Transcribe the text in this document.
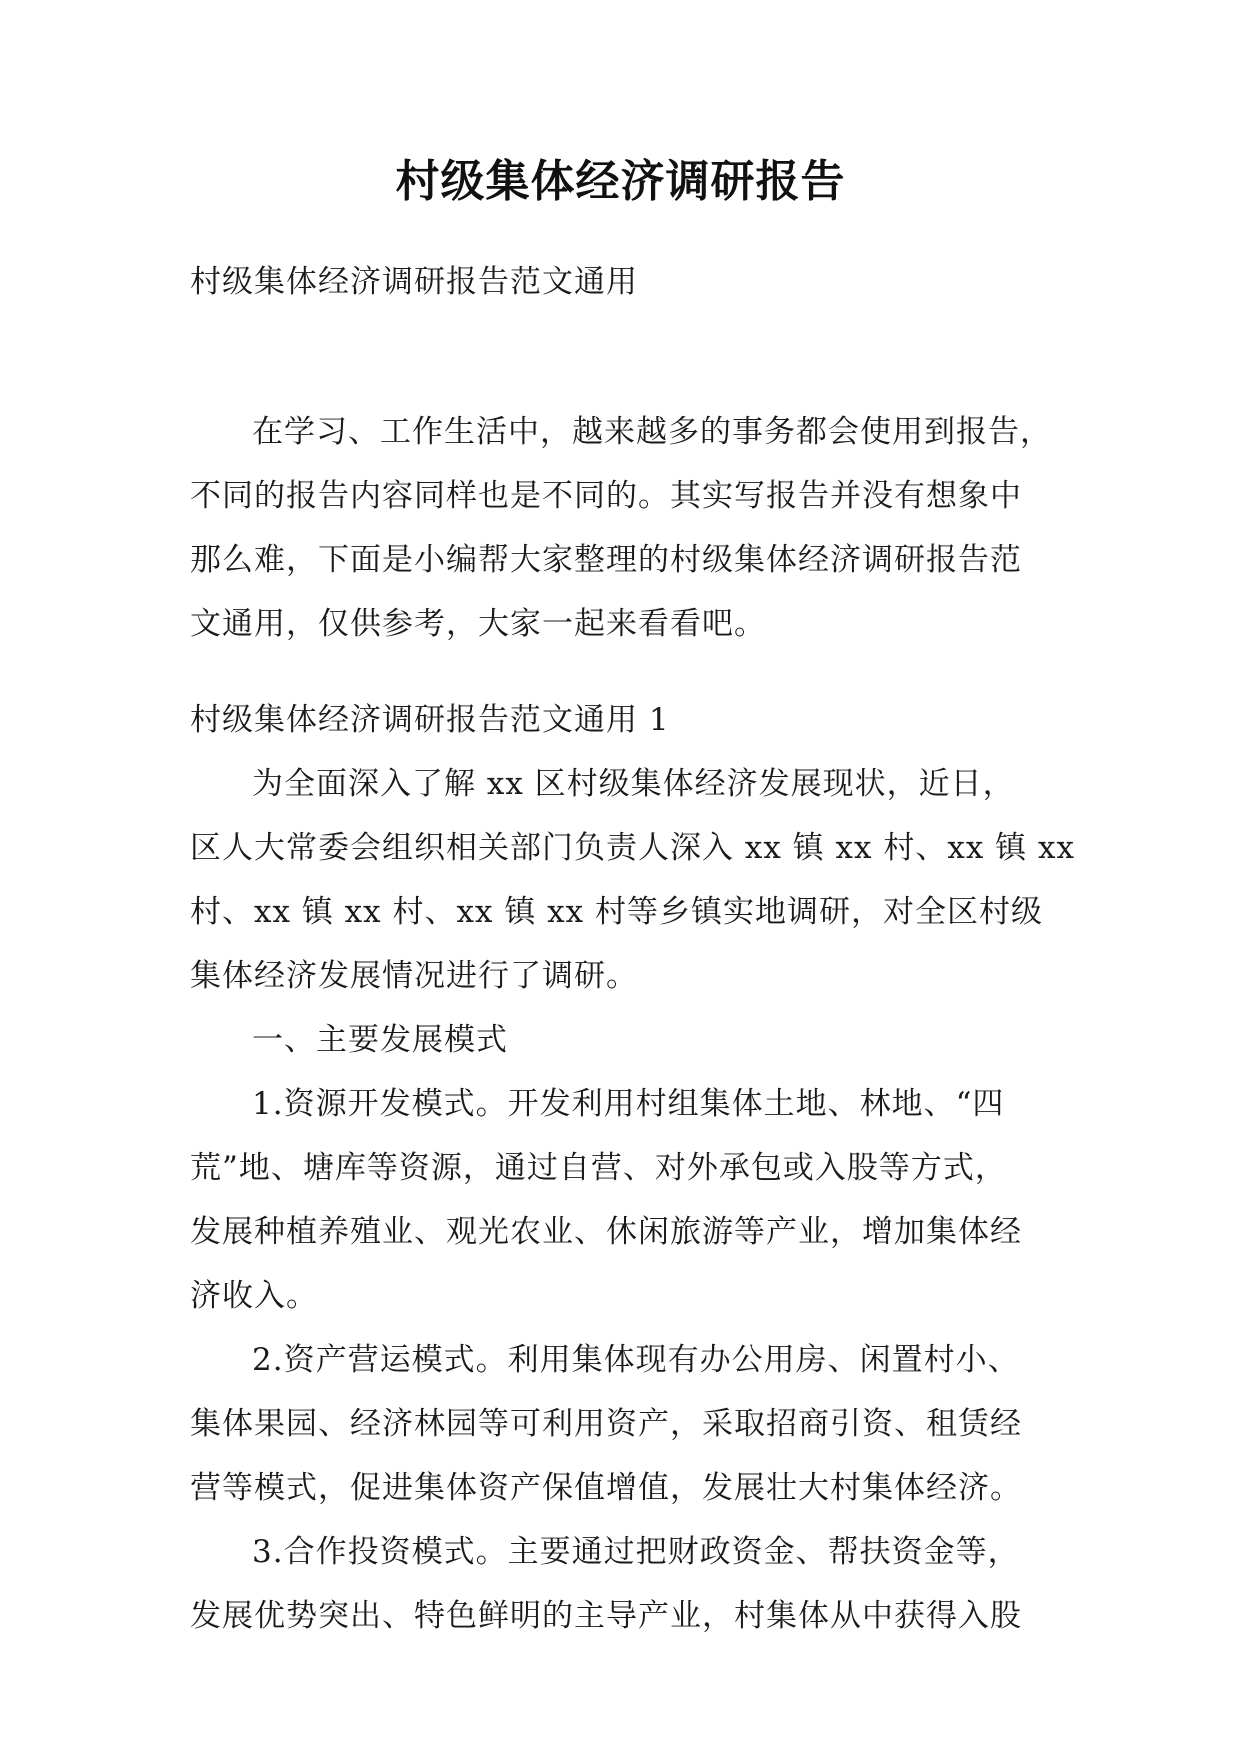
村级集体经济调研报告

村级集体经济调研报告范文通用

在学习、工作生活中，越来越多的事务都会使用到报告，
不同的报告内容同样也是不同的。其实写报告并没有想象中
那么难，下面是小编帮大家整理的村级集体经济调研报告范
文通用，仅供参考，大家一起来看看吧。

村级集体经济调研报告范文通用 1

为全面深入了解 xx 区村级集体经济发展现状，近日，
区人大常委会组织相关部门负责人深入 xx 镇 xx 村、xx 镇 xx
村、xx 镇 xx 村、xx 镇 xx 村等乡镇实地调研，对全区村级
集体经济发展情况进行了调研。
一、主要发展模式
1.资源开发模式。开发利用村组集体土地、林地、“四
荒”地、塘库等资源，通过自营、对外承包或入股等方式，
发展种植养殖业、观光农业、休闲旅游等产业，增加集体经
济收入。
2.资产营运模式。利用集体现有办公用房、闲置村小、
集体果园、经济林园等可利用资产，采取招商引资、租赁经
营等模式，促进集体资产保值增值，发展壮大村集体经济。
3.合作投资模式。主要通过把财政资金、帮扶资金等，
发展优势突出、特色鲜明的主导产业，村集体从中获得入股
